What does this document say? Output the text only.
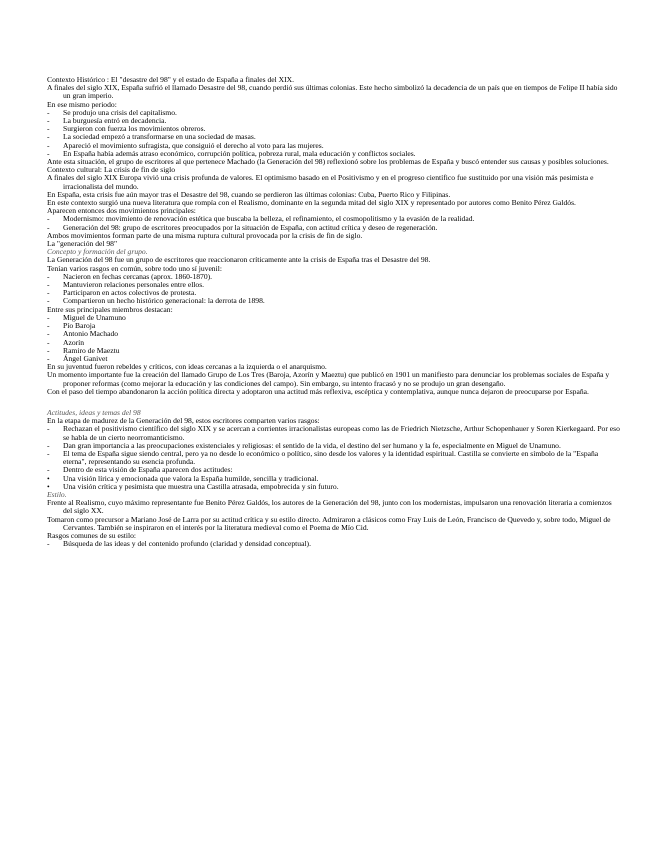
Contexto Histórico : El "desastre del 98" y el estado de España a finales del XIX.

A finales del siglo XIX, España sufrió el llamado Desastre del 98, cuando perdió sus últimas colonias. Este hecho simbolizó la decadencia de un país que en tiempos de Felipe II había sido un gran imperio.

En ese mismo periodo:

-	Se produjo una crisis del capitalismo.
-	La burguesía entró en decadencia.
-	Surgieron con fuerza los movimientos obreros.
-	La sociedad empezó a transformarse en una sociedad de masas.
-	Apareció el movimiento sufragista, que consiguió el derecho al voto para las mujeres.
-	En España había además atraso económico, corrupción política, pobreza rural, mala educación y conflictos sociales.

Ante esta situación, el grupo de escritores al que pertenece Machado (la Generación del 98) reflexionó sobre los problemas de España y buscó entender sus causas y posibles soluciones.

Contexto cultural: La crisis de fin de siglo

A finales del siglo XIX Europa vivió una crisis profunda de valores. El optimismo basado en el Positivismo y en el progreso científico fue sustituido por una visión más pesimista e irracionalista del mundo.

En España, esta crisis fue aún mayor tras el Desastre del 98, cuando se perdieron las últimas colonias: Cuba, Puerto Rico y Filipinas.

En este contexto surgió una nueva literatura que rompía con el Realismo, dominante en la segunda mitad del siglo XIX y representado por autores como Benito Pérez Galdós.

Aparecen entonces dos movimientos principales:

-	Modernismo: movimiento de renovación estética que buscaba la belleza, el refinamiento, el cosmopolitismo y la evasión de la realidad.
-	Generación del 98: grupo de escritores preocupados por la situación de España, con actitud crítica y deseo de regeneración.

Ambos movimientos forman parte de una misma ruptura cultural provocada por la crisis de fin de siglo.

La "generación del 98"

Concepto y formación del grupo.

La Generación del 98 fue un grupo de escritores que reaccionaron críticamente ante la crisis de España tras el Desastre del 98.

Tenían varios rasgos en común, sobre todo uno sí juvenil:

-	Nacieron en fechas cercanas (aprox. 1860-1870).
-	Mantuvieron relaciones personales entre ellos.
-	Participaron en actos colectivos de protesta.
-	Compartieron un hecho histórico generacional: la derrota de 1898.

Entre sus principales miembros destacan:

-	Miguel de Unamuno
-	Pío Baroja
-	Antonio Machado
-	Azorín
-	Ramiro de Maeztu
-	Ángel Ganivet

En su juventud fueron rebeldes y críticos, con ideas cercanas a la izquierda o el anarquismo.

Un momento importante fue la creación del llamado Grupo de Los Tres (Baroja, Azorín y Maeztu) que publicó en 1901 un manifiesto para denunciar los problemas sociales de España y proponer reformas (como mejorar la educación y las condiciones del campo). Sin embargo, su intento fracasó y no se produjo un gran desengaño.

Con el paso del tiempo abandonaron la acción política directa y adoptaron una actitud más reflexiva, escéptica y contemplativa, aunque nunca dejaron de preocuparse por España.

Actitudes, ideas y temas del 98

En la etapa de madurez de la Generación del 98, estos escritores comparten varios rasgos:

-	Rechazan el positivismo científico del siglo XIX y se acercan a corrientes irracionalistas europeas como las de Friedrich Nietzsche, Arthur Schopenhauer y Soren Kierkegaard. Por eso se habla de un cierto neorromanticismo.
-	Dan gran importancia a las preocupaciones existenciales y religiosas: el sentido de la vida, el destino del ser humano y la fe, especialmente en Miguel de Unamuno.
-	El tema de España sigue siendo central, pero ya no desde lo económico o político, sino desde los valores y la identidad espiritual. Castilla se convierte en símbolo de la "España eterna", representando su esencia profunda.
-	Dentro de esta visión de España aparecen dos actitudes:
•	Una visión lírica y emocionada que valora la España humilde, sencilla y tradicional.
•	Una visión crítica y pesimista que muestra una Castilla atrasada, empobrecida y sin futuro.

Estilo.

Frente al Realismo, cuyo máximo representante fue Benito Pérez Galdós, los autores de la Generación del 98, junto con los modernistas, impulsaron una renovación literaria a comienzos del siglo XX.

Tomaron como precursor a Mariano José de Larra por su actitud crítica y su estilo directo. Admiraron a clásicos como Fray Luis de León, Francisco de Quevedo y, sobre todo, Miguel de Cervantes. También se inspiraron en el interés por la literatura medieval como el Poema de Mío Cid.

Rasgos comunes de su estilo:

-	Búsqueda de las ideas y del contenido profundo (claridad y densidad conceptual).
